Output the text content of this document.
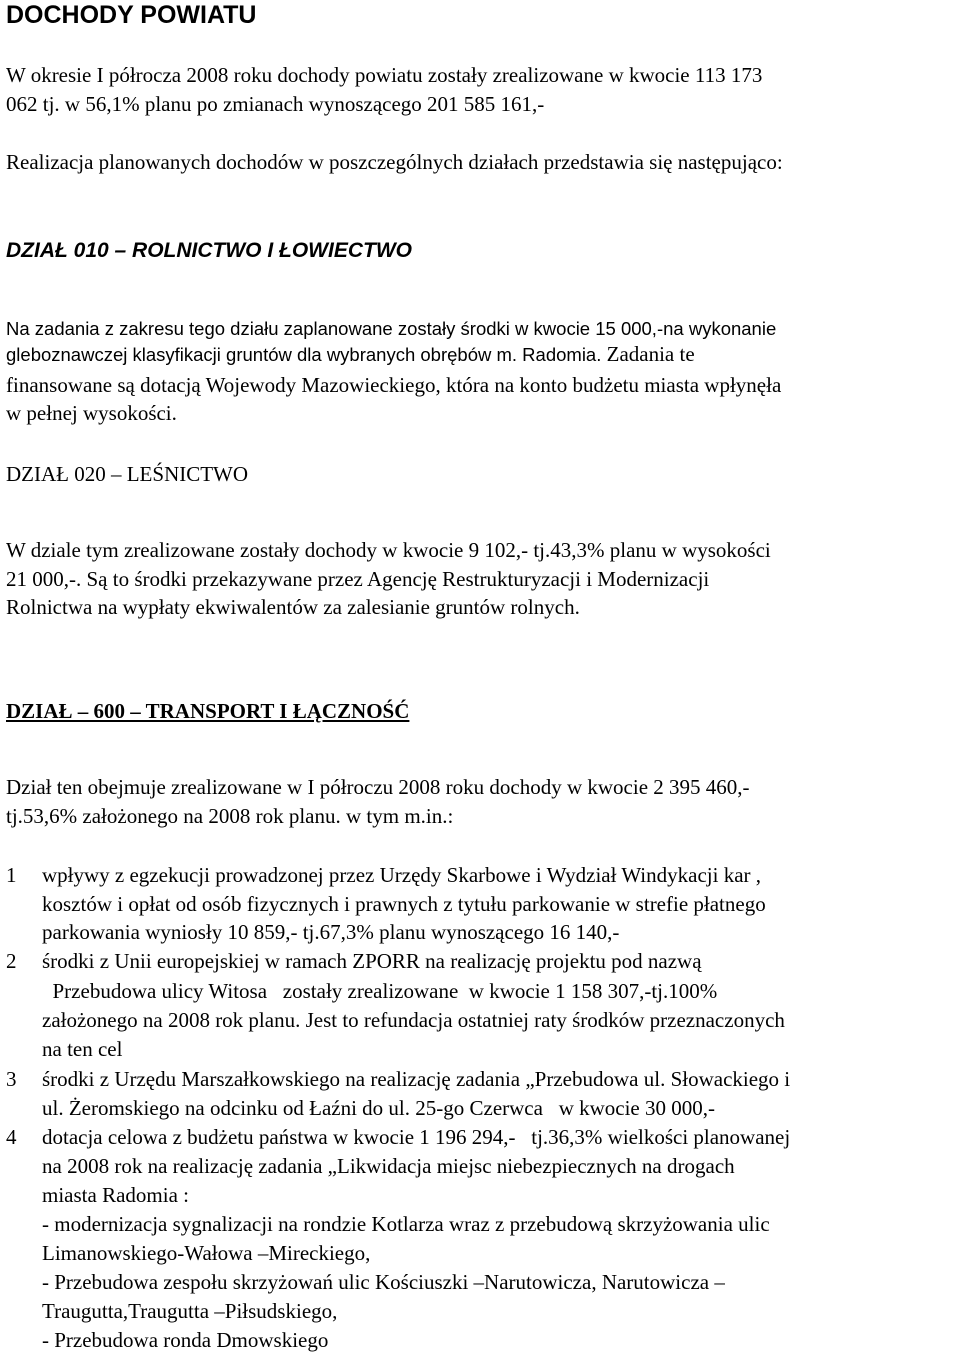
DOCHODY POWIATU
W okresie I półrocza 2008 roku dochody powiatu zostały zrealizowane w kwocie 113 173
062 tj. w 56,1% planu po zmianach wynoszącego 201 585 161,-
Realizacja planowanych dochodów w poszczególnych działach przedstawia się następująco:
DZIAŁ 010 – ROLNICTWO I ŁOWIECTWO
Na zadania z zakresu tego działu zaplanowane zostały środki w kwocie 15 000,-na wykonanie
gleboznawczej klasyfikacji gruntów dla wybranych obrębów m. Radomia. Zadania te
finansowane są dotacją Wojewody Mazowieckiego, która na konto budżetu miasta wpłynęła
w pełnej wysokości.
DZIAŁ 020 – LEŚNICTWO
W dziale tym zrealizowane zostały dochody w kwocie 9 102,- tj.43,3% planu w wysokości
21 000,-. Są to środki przekazywane przez Agencję Restrukturyzacji i Modernizacji
Rolnictwa na wypłaty ekwiwalentów za zalesianie gruntów rolnych.
DZIAŁ – 600 – TRANSPORT I ŁĄCZNOŚĆ
Dział ten obejmuje zrealizowane w I półroczu 2008 roku dochody w kwocie 2 395 460,-
tj.53,6% założonego na 2008 rok planu. w tym m.in.:
1 wpływy z egzekucji prowadzonej przez Urzędy Skarbowe i Wydział Windykacji kar ,
kosztów i opłat od osób fizycznych i prawnych z tytułu parkowanie w strefie płatnego
parkowania wyniosły 10 859,- tj.67,3% planu wynoszącego 16 140,-
2 środki z Unii europejskiej w ramach ZPORR na realizację projektu pod nazwą
Przebudowa ulicy Witosa   zostały zrealizowane  w kwocie 1 158 307,-tj.100%
założonego na 2008 rok planu. Jest to refundacja ostatniej raty środków przeznaczonych
na ten cel
3 środki z Urzędu Marszałkowskiego na realizację zadania „Przebudowa ul. Słowackiego i
ul. Żeromskiego na odcinku od Łaźni do ul. 25-go Czerwca   w kwocie 30 000,-
4 dotacja celowa z budżetu państwa w kwocie 1 196 294,-   tj.36,3% wielkości planowanej
na 2008 rok na realizację zadania „Likwidacja miejsc niebezpiecznych na drogach
miasta Radomia :
- modernizacja sygnalizacji na rondzie Kotlarza wraz z przebudową skrzyżowania ulic
Limanowskiego-Wałowa –Mireckiego,
- Przebudowa zespołu skrzyżowań ulic Kościuszki –Narutowicza, Narutowicza –
Traugutta,Traugutta –Piłsudskiego,
- Przebudowa ronda Dmowskiego
